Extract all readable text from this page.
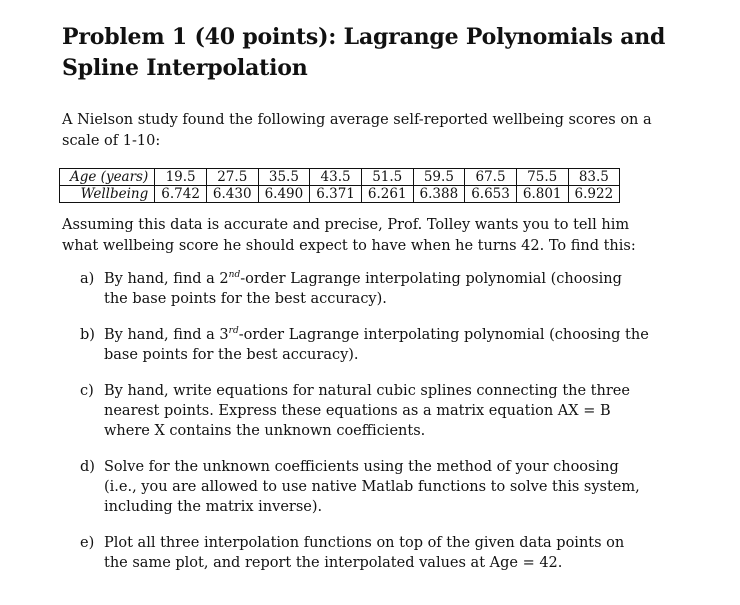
Problem 1 (40 points): Lagrange Polynomials and
Spline Interpolation

A Nielson study found the following average self-reported wellbeing scores on a scale of 1-10:

Age (years)	19.5	27.5	35.5	43.5	51.5	59.5	67.5	75.5	83.5
Wellbeing	6.742	6.430	6.490	6.371	6.261	6.388	6.653	6.801	6.922

Assuming this data is accurate and precise, Prof. Tolley wants you to tell him what wellbeing score he should expect to have when he turns 42. To find this:

a) By hand, find a 2nd-order Lagrange interpolating polynomial (choosing the base points for the best accuracy).
b) By hand, find a 3rd-order Lagrange interpolating polynomial (choosing the base points for the best accuracy).
c) By hand, write equations for natural cubic splines connecting the three nearest points. Express these equations as a matrix equation AX = B where X contains the unknown coefficients.
d) Solve for the unknown coefficients using the method of your choosing (i.e., you are allowed to use native Matlab functions to solve this system, including the matrix inverse).
e) Plot all three interpolation functions on top of the given data points on the same plot, and report the interpolated values at Age = 42.
